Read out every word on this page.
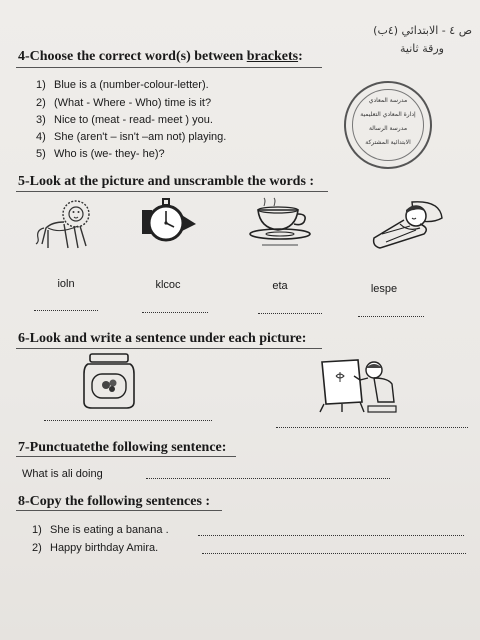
ص ٤ - الابتدائي (٤ب)
ورقة ثانية
4-Choose the correct word(s) between brackets:
1) Blue is a (number-colour-letter).
2) (What - Where - Who) time is it?
3) Nice to (meat - read- meet ) you.
4) She (aren't – isn't –am not) playing.
5) Who is (we- they- he)?
مدرسة المعادي
إدارة المعادي التعليمية
مدرسة الرسالة
الابتدائية المشتركة
5-Look at the picture and unscramble the words :
ioln	klcoc	eta	lespe
6-Look and write a sentence under each picture:
7-Punctuatethe following sentence:
What is ali doing
8-Copy the following sentences :
1) She is eating a banana .
2) Happy birthday Amira.
